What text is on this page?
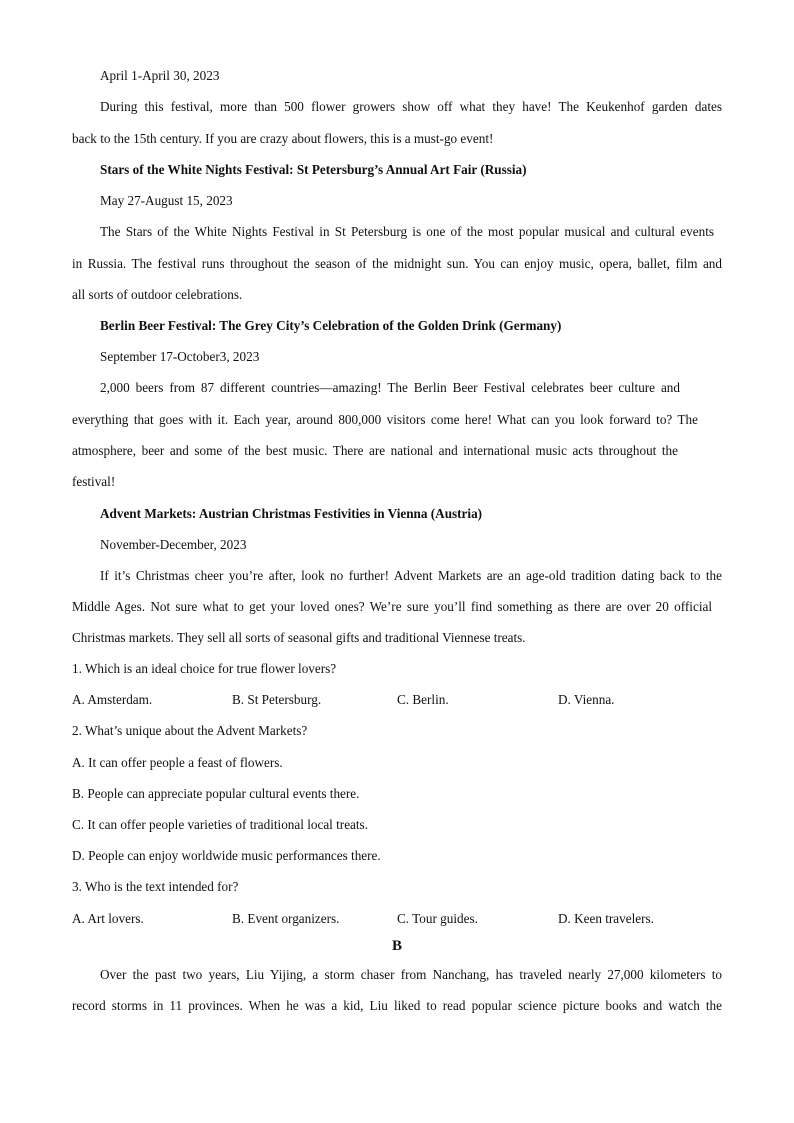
April 1-April 30, 2023
During this festival, more than 500 flower growers show off what they have! The Keukenhof garden dates
back to the 15th century. If you are crazy about flowers, this is a must-go event!
Stars of the White Nights Festival: St Petersburg’s Annual Art Fair (Russia)
May 27-August 15, 2023
The Stars of the White Nights Festival in St Petersburg is one of the most popular musical and cultural events
in Russia. The festival runs throughout the season of the midnight sun. You can enjoy music, opera, ballet, film and
all sorts of outdoor celebrations.
Berlin Beer Festival: The Grey City’s Celebration of the Golden Drink (Germany)
September 17-October3, 2023
2,000 beers from 87 different countries—amazing! The Berlin Beer Festival celebrates beer culture and
everything that goes with it. Each year, around 800,000 visitors come here! What can you look forward to? The
atmosphere, beer and some of the best music. There are national and international music acts throughout the
festival!
Advent Markets: Austrian Christmas Festivities in Vienna (Austria)
November-December, 2023
If it’s Christmas cheer you’re after, look no further! Advent Markets are an age-old tradition dating back to the
Middle Ages. Not sure what to get your loved ones? We’re sure you’ll find something as there are over 20 official
Christmas markets. They sell all sorts of seasonal gifts and traditional Viennese treats.
1. Which is an ideal choice for true flower lovers?
A. Amsterdam.	B. St Petersburg.	C. Berlin.	D. Vienna.
2. What’s unique about the Advent Markets?
A. It can offer people a feast of flowers.
B. People can appreciate popular cultural events there.
C. It can offer people varieties of traditional local treats.
D. People can enjoy worldwide music performances there.
3. Who is the text intended for?
A. Art lovers.	B. Event organizers.	C. Tour guides.	D. Keen travelers.
B
Over the past two years, Liu Yijing, a storm chaser from Nanchang, has traveled nearly 27,000 kilometers to
record storms in 11 provinces. When he was a kid, Liu liked to read popular science picture books and watch the
